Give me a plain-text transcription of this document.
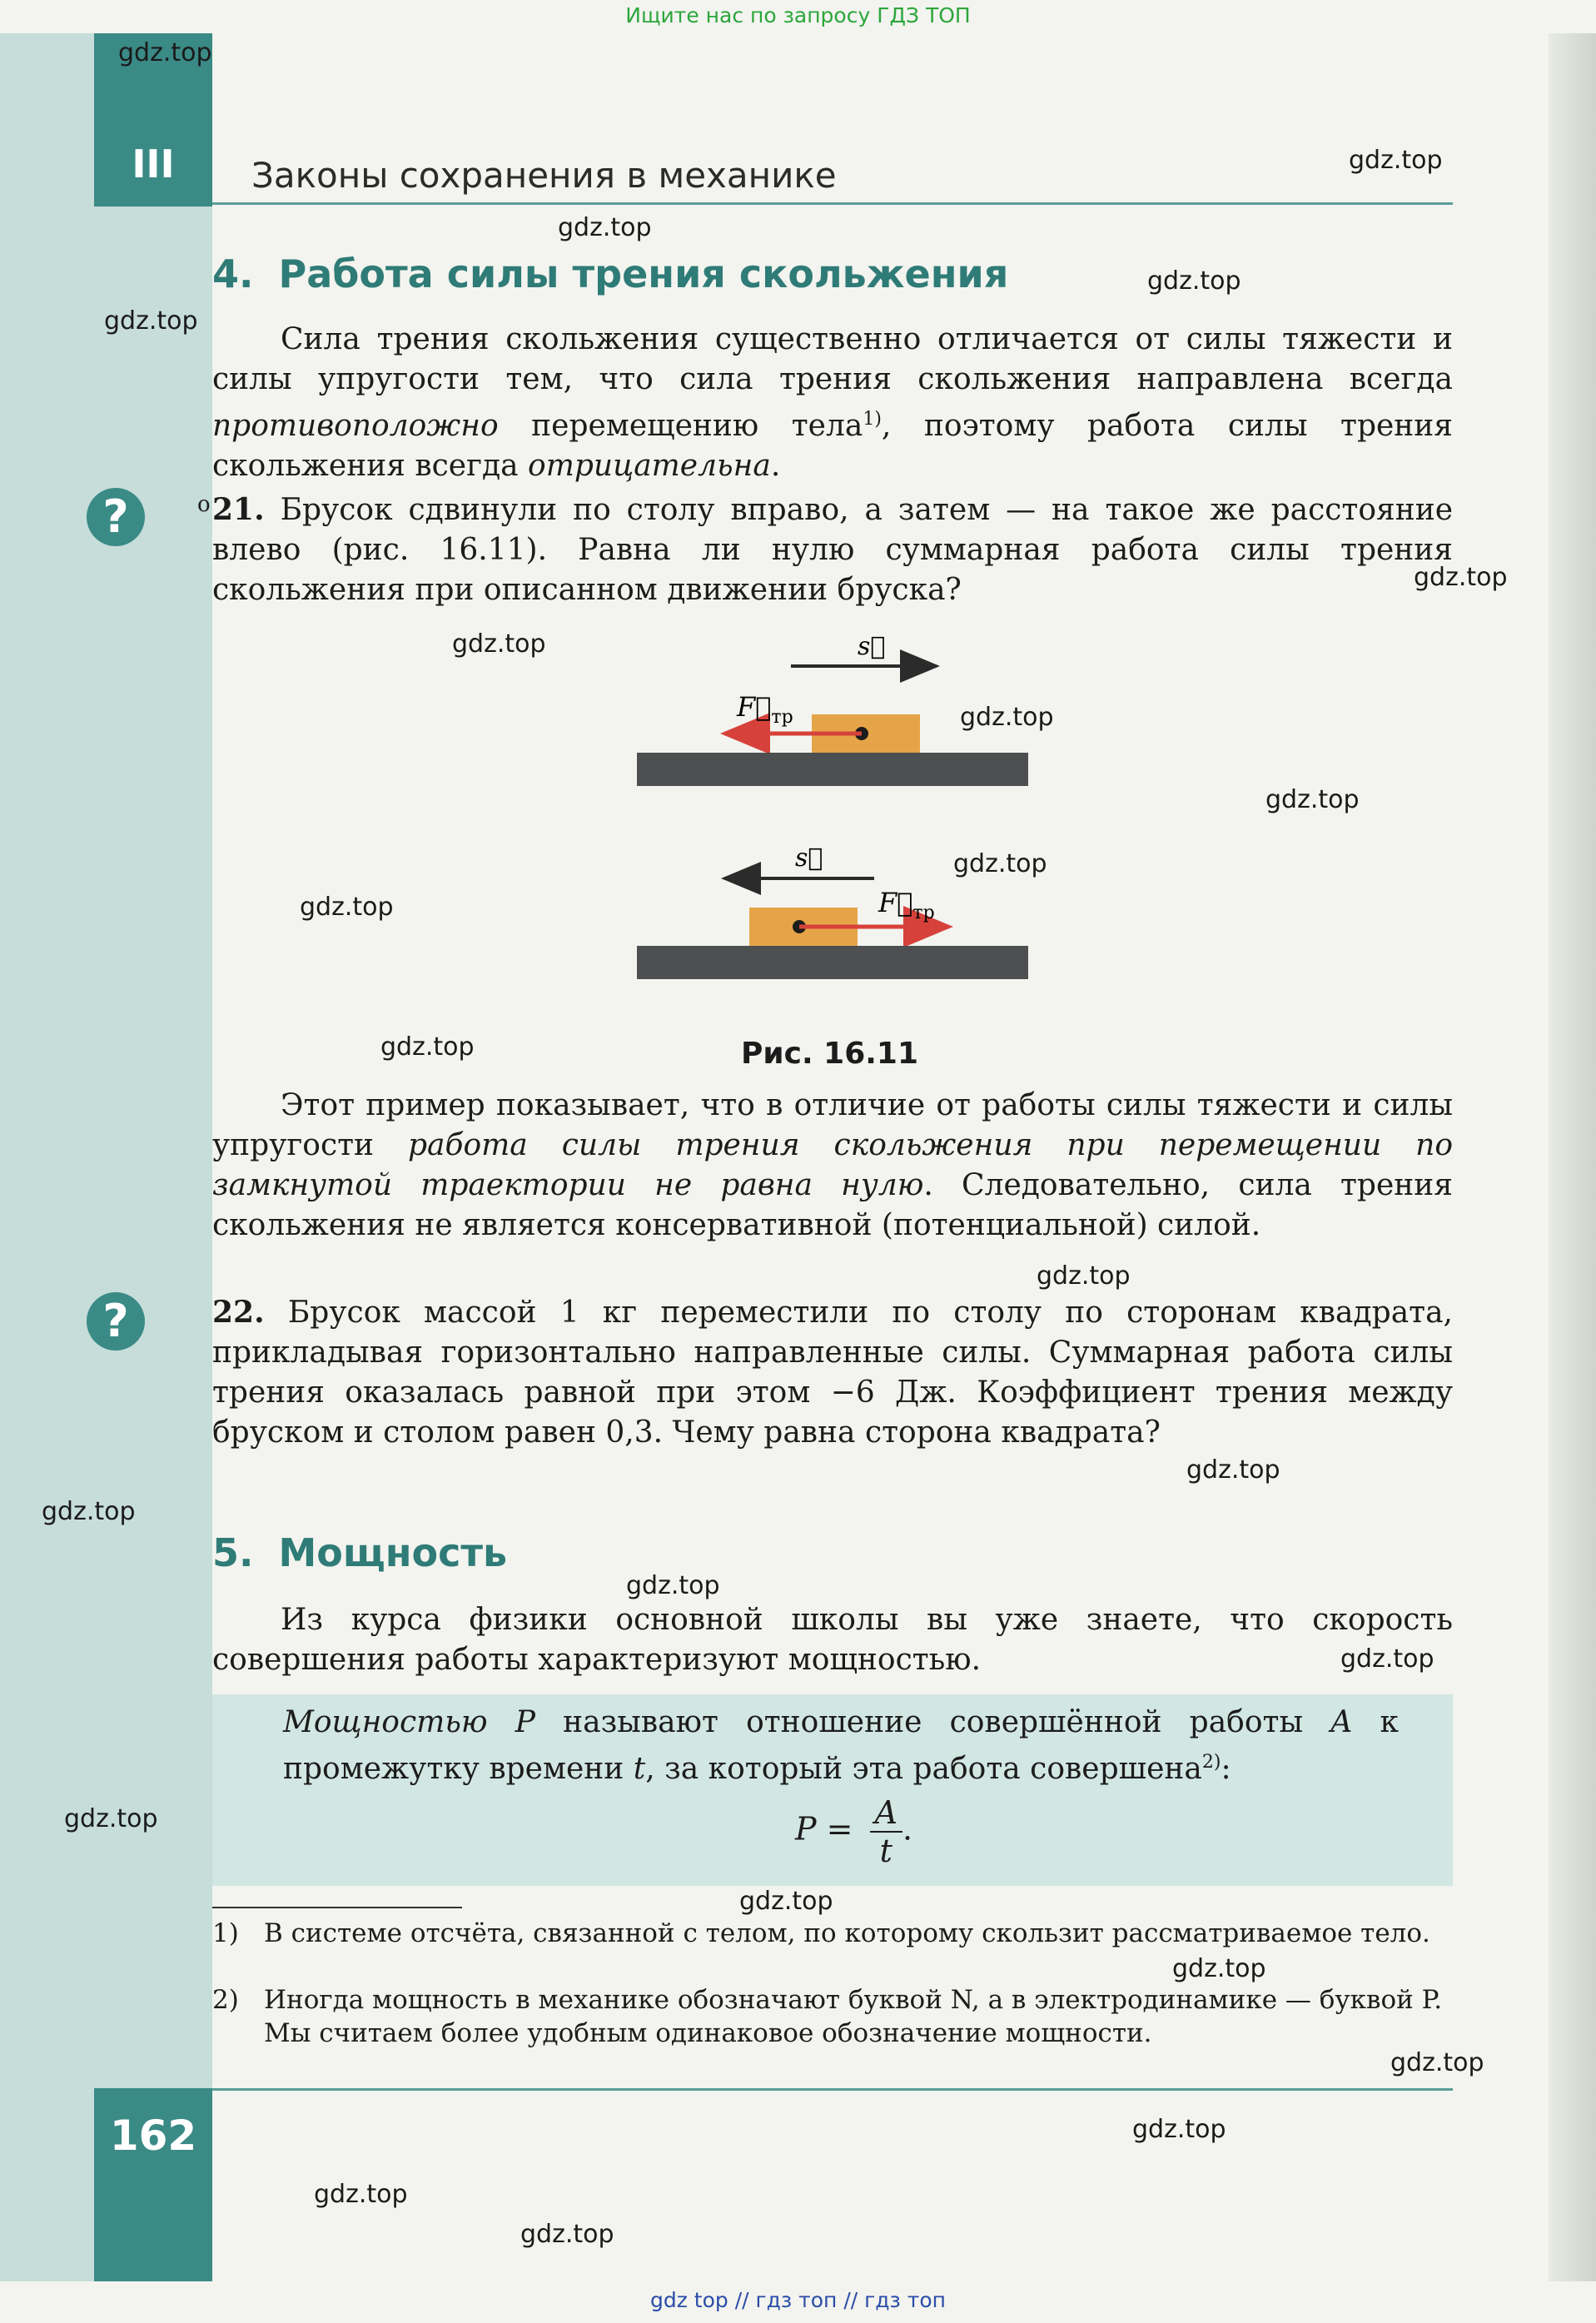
Ищите нас по запросу ГДЗ ТОП
III	Законы сохранения в механике
4. Работа силы трения скольжения
Сила трения скольжения существенно отличается от силы тяжести и силы упругости тем, что сила трения скольжения направлена всегда противоположно перемещению тела$^{1)}$, поэтому работа силы трения скольжения всегда отрицательна.
?	о 21. Брусок сдвинули по столу вправо, а затем — на такое же расстояние влево (рис. 16.11). Равна ли нулю суммарная работа силы трения скольжения при описанном движении бруска?
s⃗
$F⃗_{тр}$
s⃗
$F⃗_{тр}$
Рис. 16.11
Этот пример показывает, что в отличие от работы силы тяжести и силы упругости работа силы трения скольжения при перемещении по замкнутой траектории не равна нулю. Следовательно, сила трения скольжения не является консервативной (потенциальной) силой.
?	22. Брусок массой 1 кг переместили по столу по сторонам квадрата, прикладывая горизонтально направленные силы. Суммарная работа силы трения оказалась равной при этом −6 Дж. Коэффициент трения между бруском и столом равен 0,3. Чему равна сторона квадрата?
5. Мощность
Из курса физики основной школы вы уже знаете, что скорость совершения работы характеризуют мощностью.
Мощностью P называют отношение совершённой работы A к промежутку времени t, за который эта работа совершена$^{2)}$:
$P = \frac{A}{t}$ .
1) В системе отсчёта, связанной с телом, по которому скользит рассматриваемое тело.
2) Иногда мощность в механике обозначают буквой N, а в электродинамике — буквой P. Мы считаем более удобным одинаковое обозначение мощности.
162
gdz top // гдз топ // гдз топ
gdz.top
gdz.top
gdz.top
gdz.top
gdz.top
gdz.top
gdz.top
gdz.top
gdz.top
gdz.top
gdz.top
gdz.top
gdz.top
gdz.top
gdz.top
gdz.top
gdz.top
gdz.top
gdz.top
gdz.top
gdz.top
gdz.top
gdz.top
gdz.top
